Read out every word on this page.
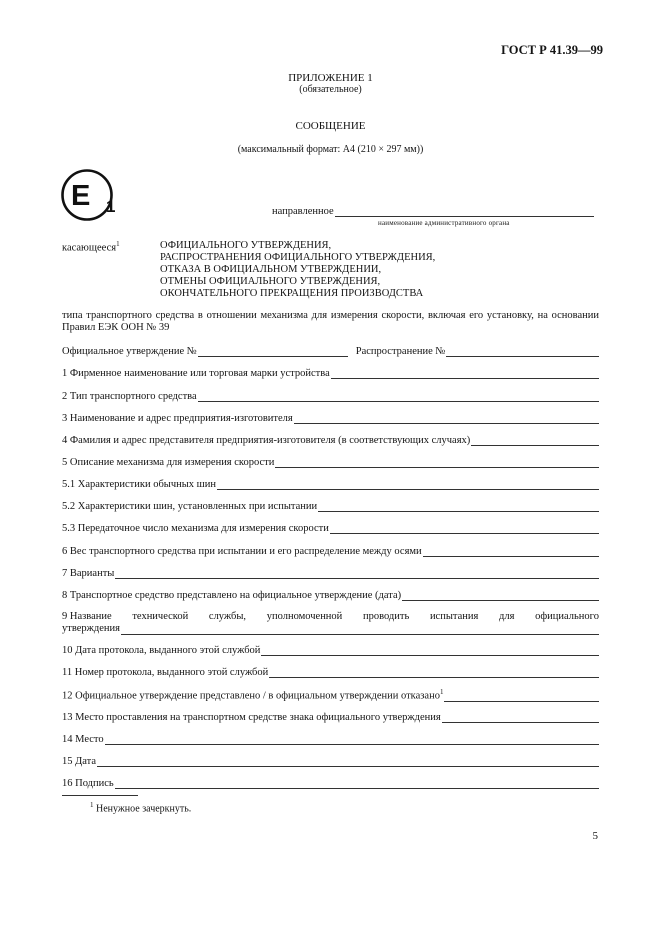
ГОСТ Р 41.39—99
ПРИЛОЖЕНИЕ 1
(обязательное)
СООБЩЕНИЕ
(максимальный формат: А4 (210 × 297 мм))
E 1	направленное
наименование административного органа
касающееся$^1$	ОФИЦИАЛЬНОГО УТВЕРЖДЕНИЯ,
РАСПРОСТРАНЕНИЯ ОФИЦИАЛЬНОГО УТВЕРЖДЕНИЯ,
ОТКАЗА В ОФИЦИАЛЬНОМ УТВЕРЖДЕНИИ,
ОТМЕНЫ ОФИЦИАЛЬНОГО УТВЕРЖДЕНИЯ,
ОКОНЧАТЕЛЬНОГО ПРЕКРАЩЕНИЯ ПРОИЗВОДСТВА
типа транспортного средства в отношении механизма для измерения скорости, включая его установку, на основании Правил ЕЭК ООН № 39
Официальное утверждение №	Распространение №
1 Фирменное наименование или торговая марки устройства
2 Тип транспортного средства
3 Наименование и адрес предприятия-изготовителя
4 Фамилия и адрес представителя предприятия-изготовителя (в соответствующих случаях)
5 Описание механизма для измерения скорости
5.1 Характеристики обычных шин
5.2 Характеристики шин, установленных при испытании
5.3 Передаточное число механизма для измерения скорости
6 Вес транспортного средства при испытании и его распределение между осями
7 Варианты
8 Транспортное средство представлено на официальное утверждение (дата)
9 Название технической службы, уполномоченной проводить испытания для официального
утверждения
10 Дата протокола, выданного этой службой
11 Номер протокола, выданного этой службой
12 Официальное утверждение представлено / в официальном утверждении отказано$^1$
13 Место проставления на транспортном средстве знака официального утверждения
14 Место
15 Дата
16 Подпись
$^1$ Ненужное зачеркнуть.
5
